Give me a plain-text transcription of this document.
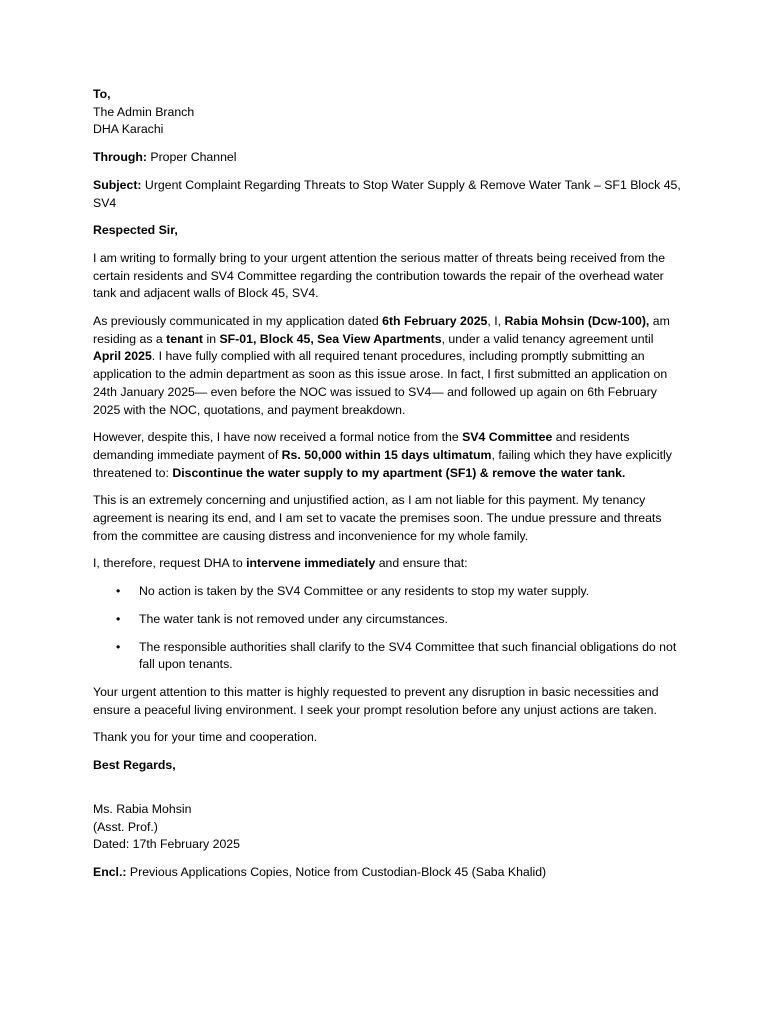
To,
The Admin Branch
DHA Karachi

Through: Proper Channel

Subject: Urgent Complaint Regarding Threats to Stop Water Supply & Remove Water Tank – SF1 Block 45, SV4

Respected Sir,

I am writing to formally bring to your urgent attention the serious matter of threats being received from the certain residents and SV4 Committee regarding the contribution towards the repair of the overhead water tank and adjacent walls of Block 45, SV4.

As previously communicated in my application dated 6th February 2025, I, Rabia Mohsin (Dcw-100), am residing as a tenant in SF-01, Block 45, Sea View Apartments, under a valid tenancy agreement until April 2025. I have fully complied with all required tenant procedures, including promptly submitting an application to the admin department as soon as this issue arose. In fact, I first submitted an application on 24th January 2025— even before the NOC was issued to SV4— and followed up again on 6th February 2025 with the NOC, quotations, and payment breakdown.

However, despite this, I have now received a formal notice from the SV4 Committee and residents demanding immediate payment of Rs. 50,000 within 15 days ultimatum, failing which they have explicitly threatened to: Discontinue the water supply to my apartment (SF1) & remove the water tank.

This is an extremely concerning and unjustified action, as I am not liable for this payment. My tenancy agreement is nearing its end, and I am set to vacate the premises soon. The undue pressure and threats from the committee are causing distress and inconvenience for my whole family.

I, therefore, request DHA to intervene immediately and ensure that:

• No action is taken by the SV4 Committee or any residents to stop my water supply.
• The water tank is not removed under any circumstances.
• The responsible authorities shall clarify to the SV4 Committee that such financial obligations do not fall upon tenants.

Your urgent attention to this matter is highly requested to prevent any disruption in basic necessities and ensure a peaceful living environment. I seek your prompt resolution before any unjust actions are taken.

Thank you for your time and cooperation.

Best Regards,

Ms. Rabia Mohsin
(Asst. Prof.)
Dated: 17th February 2025

Encl.: Previous Applications Copies, Notice from Custodian-Block 45 (Saba Khalid)
